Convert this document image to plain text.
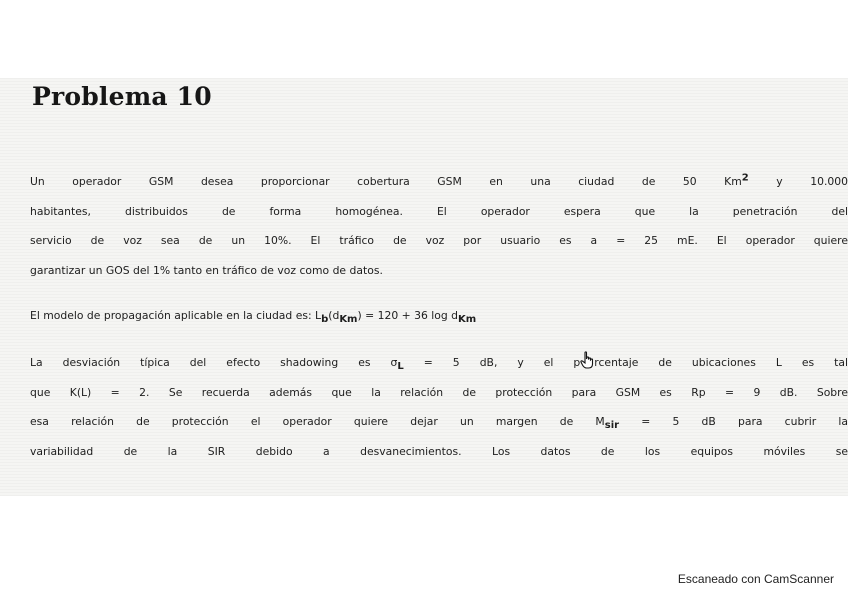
Problema 10

Un operador GSM desea proporcionar cobertura GSM en una ciudad de 50 Km$^2$ y 10.000
habitantes, distribuidos de forma homogénea. El operador espera que la penetración del
servicio de voz sea de un 10%. El tráfico de voz por usuario es a = 25 mE. El operador quiere
garantizar un GOS del 1% tanto en tráfico de voz como de datos.

El modelo de propagación aplicable en la ciudad es: $L_b(d_{Km}) = 120 + 36$ $\log d_{Km}$

La desviación típica del efecto shadowing es $\sigma_L = 5$ dB, y el p rcentaje de ubicaciones L es tal
que K(L) = 2. Se recuerda además que la relación de protección para GSM es Rp = 9 dB. Sobre
esa relación de protección el operador quiere dejar un margen de $M_{sir} = 5$ dB para cubrir la
variabilidad de la SIR debido a desvanecimientos. Los datos de los equipos móviles se

Escaneado con CamScanner
